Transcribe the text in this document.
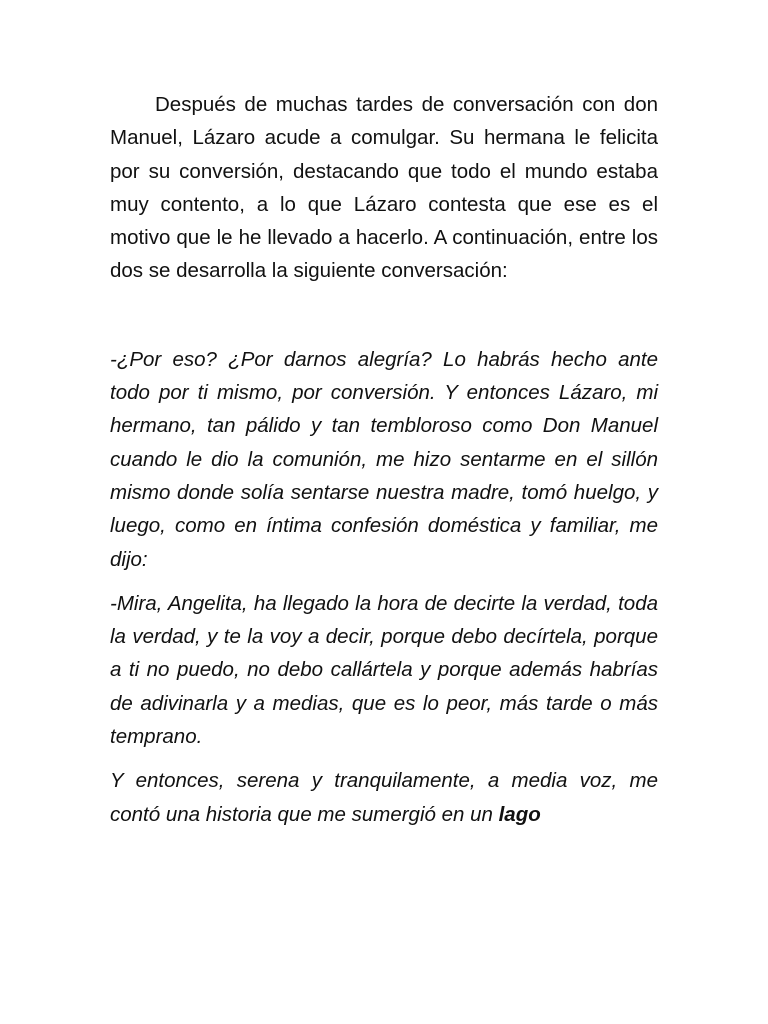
Después de muchas tardes de conversación con don Manuel, Lázaro acude a comulgar. Su hermana le felicita por su conversión, destacando que todo el mundo estaba muy contento, a lo que Lázaro contesta que ese es el motivo que le he llevado a hacerlo. A continuación, entre los dos se desarrolla la siguiente conversación:

-¿Por eso? ¿Por darnos alegría? Lo habrás hecho ante todo por ti mismo, por conversión. Y entonces Lázaro, mi hermano, tan pálido y tan tembloroso como Don Manuel cuando le dio la comunión, me hizo sentarme en el sillón mismo donde solía sentarse nuestra madre, tomó huelgo, y luego, como en íntima confesión doméstica y familiar, me dijo:

-Mira, Angelita, ha llegado la hora de decirte la verdad, toda la verdad, y te la voy a decir, porque debo decírtela, porque a ti no puedo, no debo callártela y porque además habrías de adivinarla y a medias, que es lo peor, más tarde o más temprano.

Y entonces, serena y tranquilamente, a media voz, me contó una historia que me sumergió en un lago
